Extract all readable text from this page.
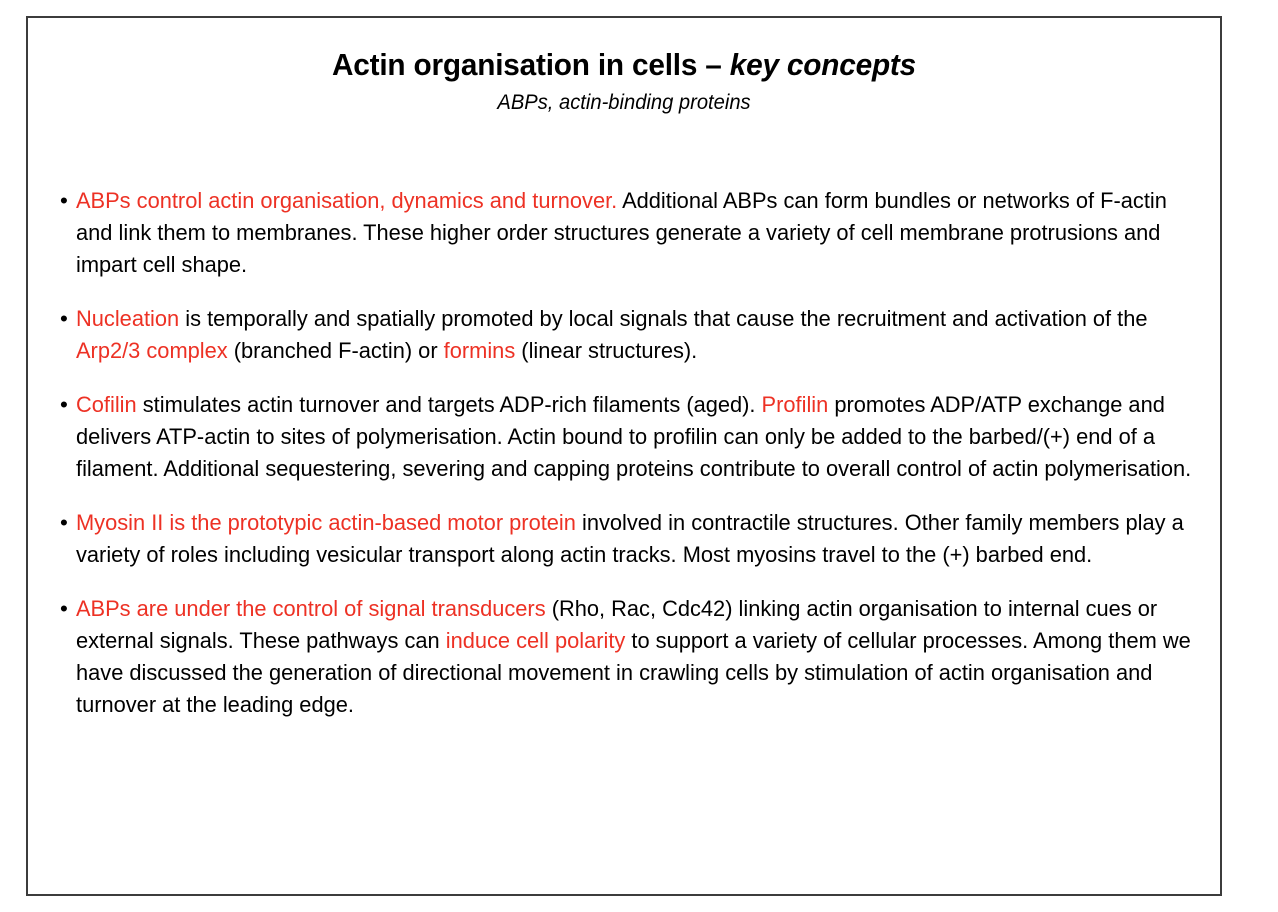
Actin organisation in cells – key concepts
ABPs, actin-binding proteins
• ABPs control actin organisation, dynamics and turnover. Additional ABPs can form bundles or networks of F-actin and link them to membranes. These higher order structures generate a variety of cell membrane protrusions and impart cell shape.
• Nucleation is temporally and spatially promoted by local signals that cause the recruitment and activation of the Arp2/3 complex (branched F-actin) or formins (linear structures).
• Cofilin stimulates actin turnover and targets ADP-rich filaments (aged). Profilin promotes ADP/ATP exchange and delivers ATP-actin to sites of polymerisation. Actin bound to profilin can only be added to the barbed/(+) end of a filament. Additional sequestering, severing and capping proteins contribute to overall control of actin polymerisation.
• Myosin II is the prototypic actin-based motor protein involved in contractile structures. Other family members play a variety of roles including vesicular transport along actin tracks. Most myosins travel to the (+) barbed end.
• ABPs are under the control of signal transducers (Rho, Rac, Cdc42) linking actin organisation to internal cues or external signals. These pathways can induce cell polarity to support a variety of cellular processes. Among them we have discussed the generation of directional movement in crawling cells by stimulation of actin organisation and turnover at the leading edge.
